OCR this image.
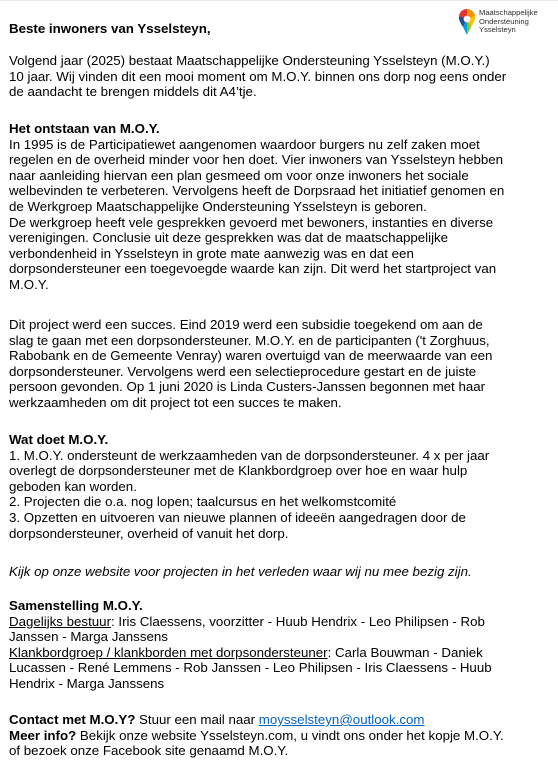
Maatschappelijke
Ondersteuning
Ysselsteyn
Beste inwoners van Ysselsteyn,
Volgend jaar (2025) bestaat Maatschappelijke Ondersteuning Ysselsteyn (M.O.Y.)
10 jaar. Wij vinden dit een mooi moment om M.O.Y. binnen ons dorp nog eens onder
de aandacht te brengen middels dit A4’tje.
Het ontstaan van M.O.Y.
In 1995 is de Participatiewet aangenomen waardoor burgers nu zelf zaken moet
regelen en de overheid minder voor hen doet. Vier inwoners van Ysselsteyn hebben
naar aanleiding hiervan een plan gesmeed om voor onze inwoners het sociale
welbevinden te verbeteren. Vervolgens heeft de Dorpsraad het initiatief genomen en
de Werkgroep Maatschappelijke Ondersteuning Ysselsteyn is geboren.
De werkgroep heeft vele gesprekken gevoerd met bewoners, instanties en diverse
verenigingen. Conclusie uit deze gesprekken was dat de maatschappelijke
verbondenheid in Ysselsteyn in grote mate aanwezig was en dat een
dorpsondersteuner een toegevoegde waarde kan zijn. Dit werd het startproject van
M.O.Y.
Dit project werd een succes. Eind 2019 werd een subsidie toegekend om aan de
slag te gaan met een dorpsondersteuner. M.O.Y. en de participanten ('t Zorghuus,
Rabobank en de Gemeente Venray) waren overtuigd van de meerwaarde van een
dorpsondersteuner. Vervolgens werd een selectieprocedure gestart en de juiste
persoon gevonden. Op 1 juni 2020 is Linda Custers-Janssen begonnen met haar
werkzaamheden om dit project tot een succes te maken.
Wat doet M.O.Y.
1. M.O.Y. ondersteunt de werkzaamheden van de dorpsondersteuner. 4 x per jaar
overlegt de dorpsondersteuner met de Klankbordgroep over hoe en waar hulp
geboden kan worden.
2. Projecten die o.a. nog lopen; taalcursus en het welkomstcomité
3. Opzetten en uitvoeren van nieuwe plannen of ideeën aangedragen door de
dorpsondersteuner, overheid of vanuit het dorp.
Kijk op onze website voor projecten in het verleden waar wij nu mee bezig zijn.
Samenstelling M.O.Y.
Dagelijks bestuur: Iris Claessens, voorzitter - Huub Hendrix - Leo Philipsen - Rob
Janssen - Marga Janssens
Klankbordgroep / klankborden met dorpsondersteuner: Carla Bouwman - Daniek
Lucassen - René Lemmens - Rob Janssen - Leo Philipsen - Iris Claessens - Huub
Hendrix - Marga Janssens
Contact met M.O.Y? Stuur een mail naar moysselsteyn@outlook.com
Meer info? Bekijk onze website Ysselsteyn.com, u vindt ons onder het kopje M.O.Y.
of bezoek onze Facebook site genaamd M.O.Y.
